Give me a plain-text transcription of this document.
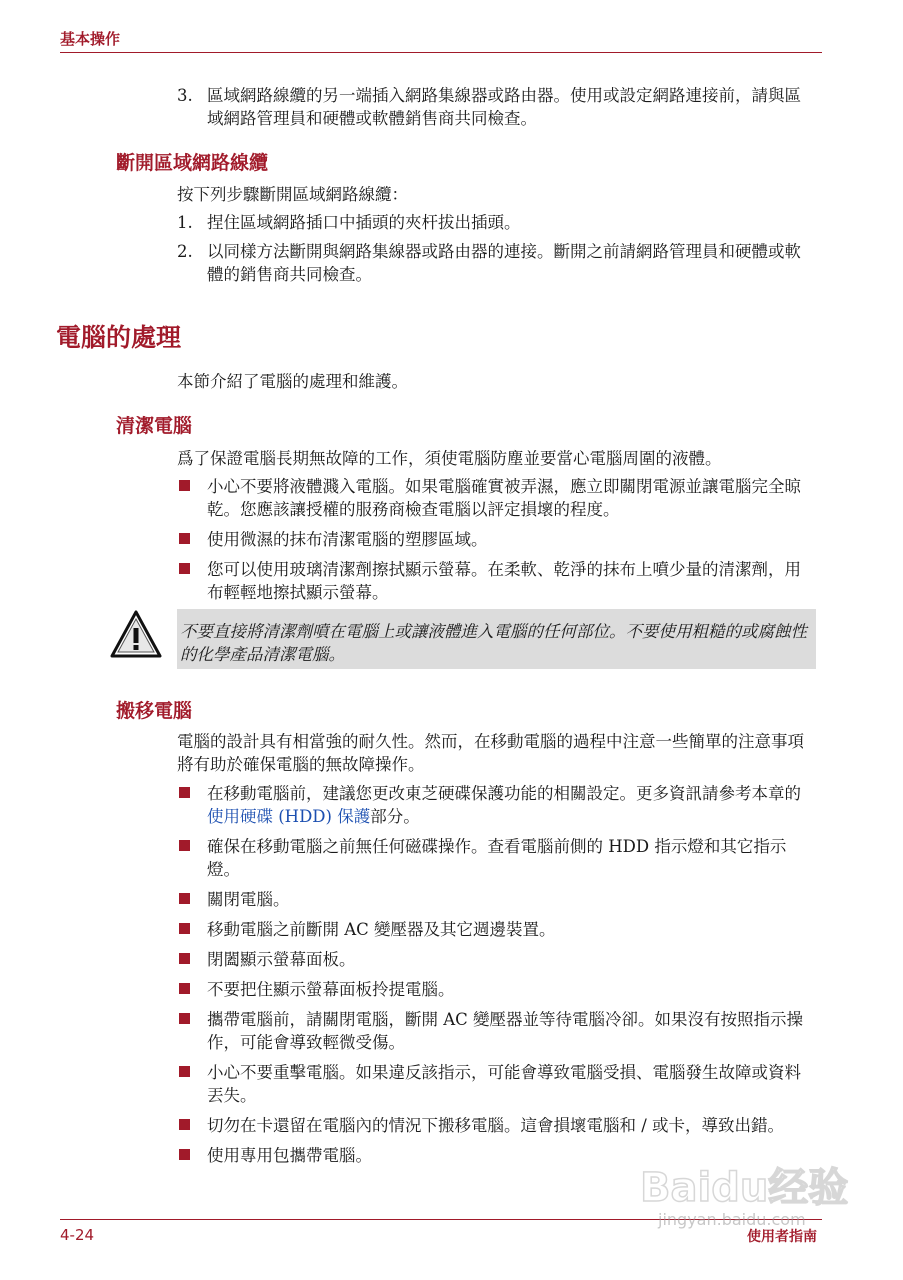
基本操作
3. 區域網路線纜的另一端插入網路集線器或路由器。使用或設定網路連接前，請與區域網路管理員和硬體或軟體銷售商共同檢查。
斷開區域網路線纜
按下列步驟斷開區域網路線纜：
1. 捏住區域網路插口中插頭的夾杆拔出插頭。
2. 以同樣方法斷開與網路集線器或路由器的連接。斷開之前請網路管理員和硬體或軟體的銷售商共同檢查。
電腦的處理
本節介紹了電腦的處理和維護。
清潔電腦
爲了保證電腦長期無故障的工作，須使電腦防塵並要當心電腦周圍的液體。
小心不要將液體濺入電腦。如果電腦確實被弄濕，應立即關閉電源並讓電腦完全晾乾。您應該讓授權的服務商檢查電腦以評定損壞的程度。
使用微濕的抹布清潔電腦的塑膠區域。
您可以使用玻璃清潔劑擦拭顯示螢幕。在柔軟、乾淨的抹布上噴少量的清潔劑，用布輕輕地擦拭顯示螢幕。
不要直接將清潔劑噴在電腦上或讓液體進入電腦的任何部位。不要使用粗糙的或腐蝕性的化學產品清潔電腦。
搬移電腦
電腦的設計具有相當強的耐久性。然而，在移動電腦的過程中注意一些簡單的注意事項將有助於確保電腦的無故障操作。
在移動電腦前，建議您更改東芝硬碟保護功能的相關設定。更多資訊請參考本章的使用硬碟 (HDD) 保護部分。
確保在移動電腦之前無任何磁碟操作。查看電腦前側的 HDD 指示燈和其它指示燈。
關閉電腦。
移動電腦之前斷開 AC 變壓器及其它週邊裝置。
閉闔顯示螢幕面板。
不要把住顯示螢幕面板拎提電腦。
攜帶電腦前，請關閉電腦，斷開 AC 變壓器並等待電腦冷卻。如果沒有按照指示操作，可能會導致輕微受傷。
小心不要重擊電腦。如果違反該指示，可能會導致電腦受損、電腦發生故障或資料丟失。
切勿在卡還留在電腦內的情況下搬移電腦。這會損壞電腦和 / 或卡，導致出錯。
使用專用包攜帶電腦。
4-24	使用者指南
Baidu经验
jingyan.baidu.com
